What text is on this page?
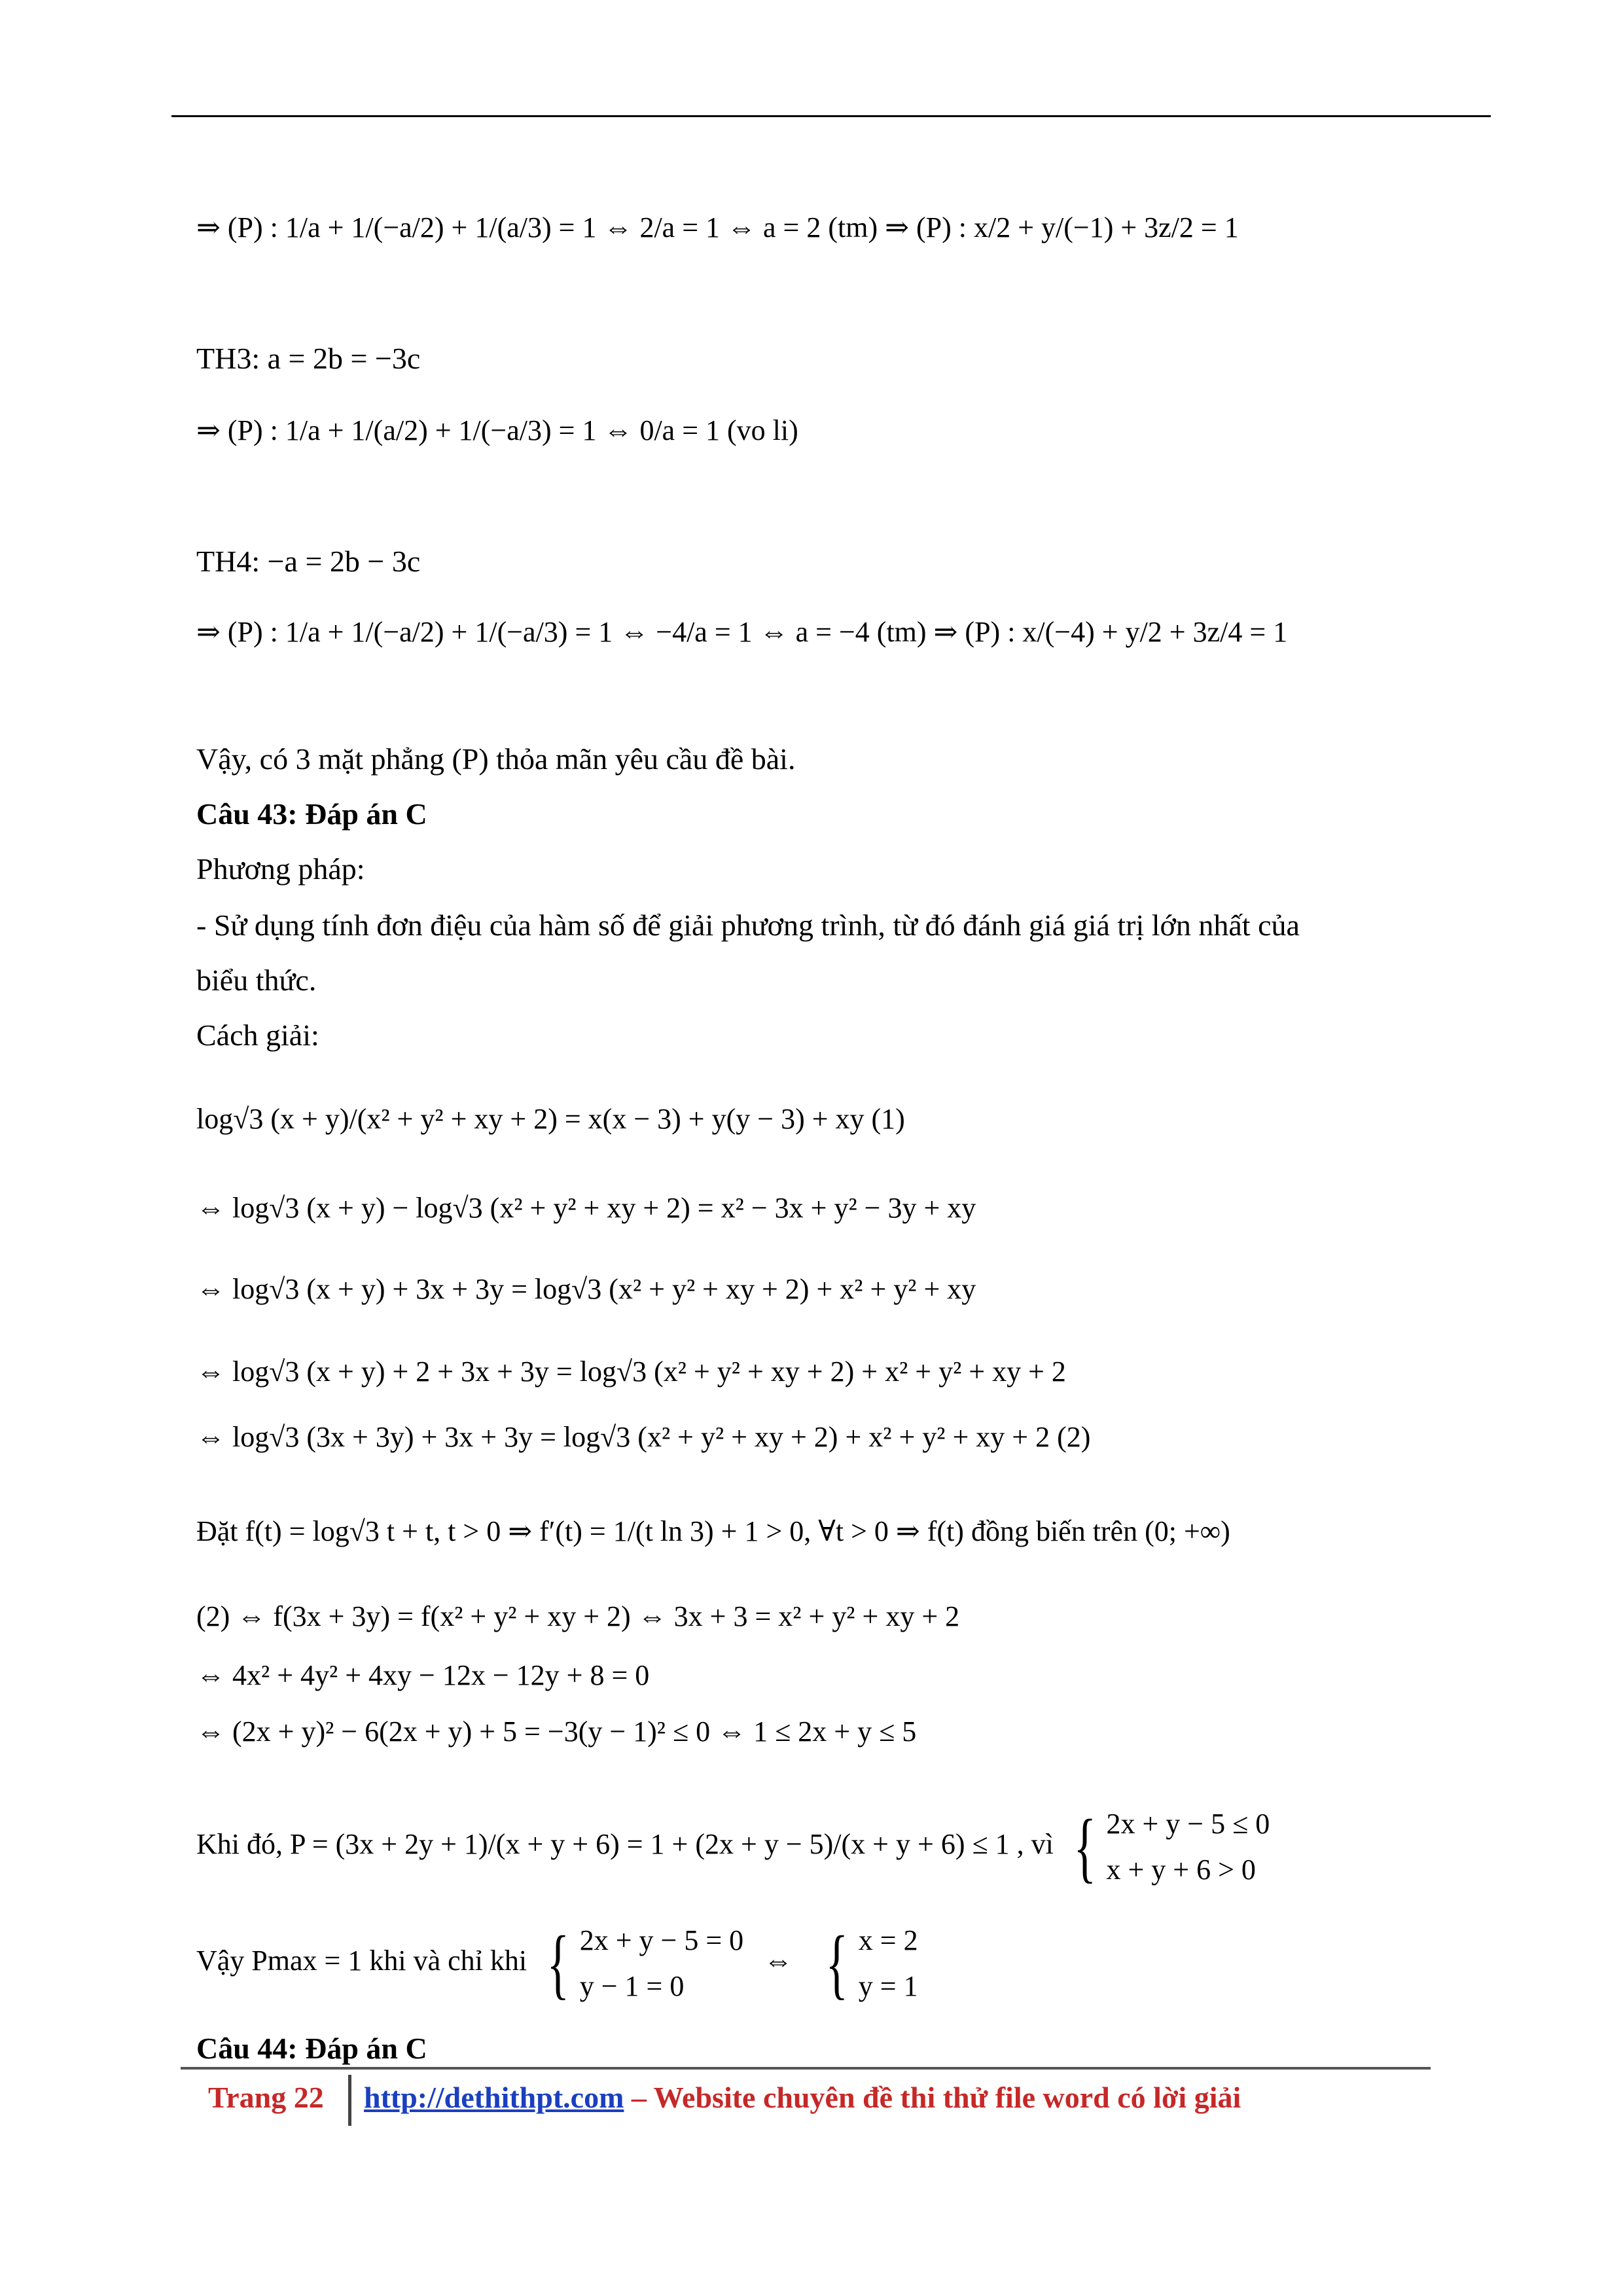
⇒ (P) : 1/a + 1/(−a/2) + 1/(a/3) = 1 ⇔ 2/a = 1 ⇔ a = 2 (tm) ⇒ (P) : x/2 + y/(−1) + 3z/2 = 1
TH3: a = 2b = −3c
⇒ (P) : 1/a + 1/(a/2) + 1/(−a/3) = 1 ⇔ 0/a = 1 (vo li)
TH4: −a = 2b − 3c
⇒ (P) : 1/a + 1/(−a/2) + 1/(−a/3) = 1 ⇔ −4/a = 1 ⇔ a = −4 (tm) ⇒ (P) : x/(−4) + y/2 + 3z/4 = 1
Vậy, có 3 mặt phẳng (P) thỏa mãn yêu cầu đề bài.
Câu 43: Đáp án C
Phương pháp:
- Sử dụng tính đơn điệu của hàm số để giải phương trình, từ đó đánh giá giá trị lớn nhất của
biểu thức.
Cách giải:
log√3 (x + y)/(x² + y² + xy + 2) = x(x − 3) + y(y − 3) + xy (1)
⇔ log√3 (x + y) − log√3 (x² + y² + xy + 2) = x² − 3x + y² − 3y + xy
⇔ log√3 (x + y) + 3x + 3y = log√3 (x² + y² + xy + 2) + x² + y² + xy
⇔ log√3 (x + y) + 2 + 3x + 3y = log√3 (x² + y² + xy + 2) + x² + y² + xy + 2
⇔ log√3 (3x + 3y) + 3x + 3y = log√3 (x² + y² + xy + 2) + x² + y² + xy + 2 (2)
Đặt f(t) = log√3 t + t, t > 0 ⇒ f′(t) = 1/(t ln 3) + 1 > 0, ∀t > 0 ⇒ f(t) đồng biến trên (0; +∞)
(2) ⇔ f(3x + 3y) = f(x² + y² + xy + 2) ⇔ 3x + 3 = x² + y² + xy + 2
⇔ 4x² + 4y² + 4xy − 12x − 12y + 8 = 0
⇔ (2x + y)² − 6(2x + y) + 5 = −3(y − 1)² ≤ 0 ⇔ 1 ≤ 2x + y ≤ 5
Khi đó, P = (3x + 2y + 1)/(x + y + 6) = 1 + (2x + y − 5)/(x + y + 6) ≤ 1 , vì { 2x + y − 5 ≤ 0
x + y + 6 > 0
Vậy Pmax = 1 khi và chỉ khi { 2x + y − 5 = 0
y − 1 = 0
⇔ { x = 2
y = 1
Câu 44: Đáp án C
Trang 22 http://dethithpt.com – Website chuyên đề thi thử file word có lời giải
